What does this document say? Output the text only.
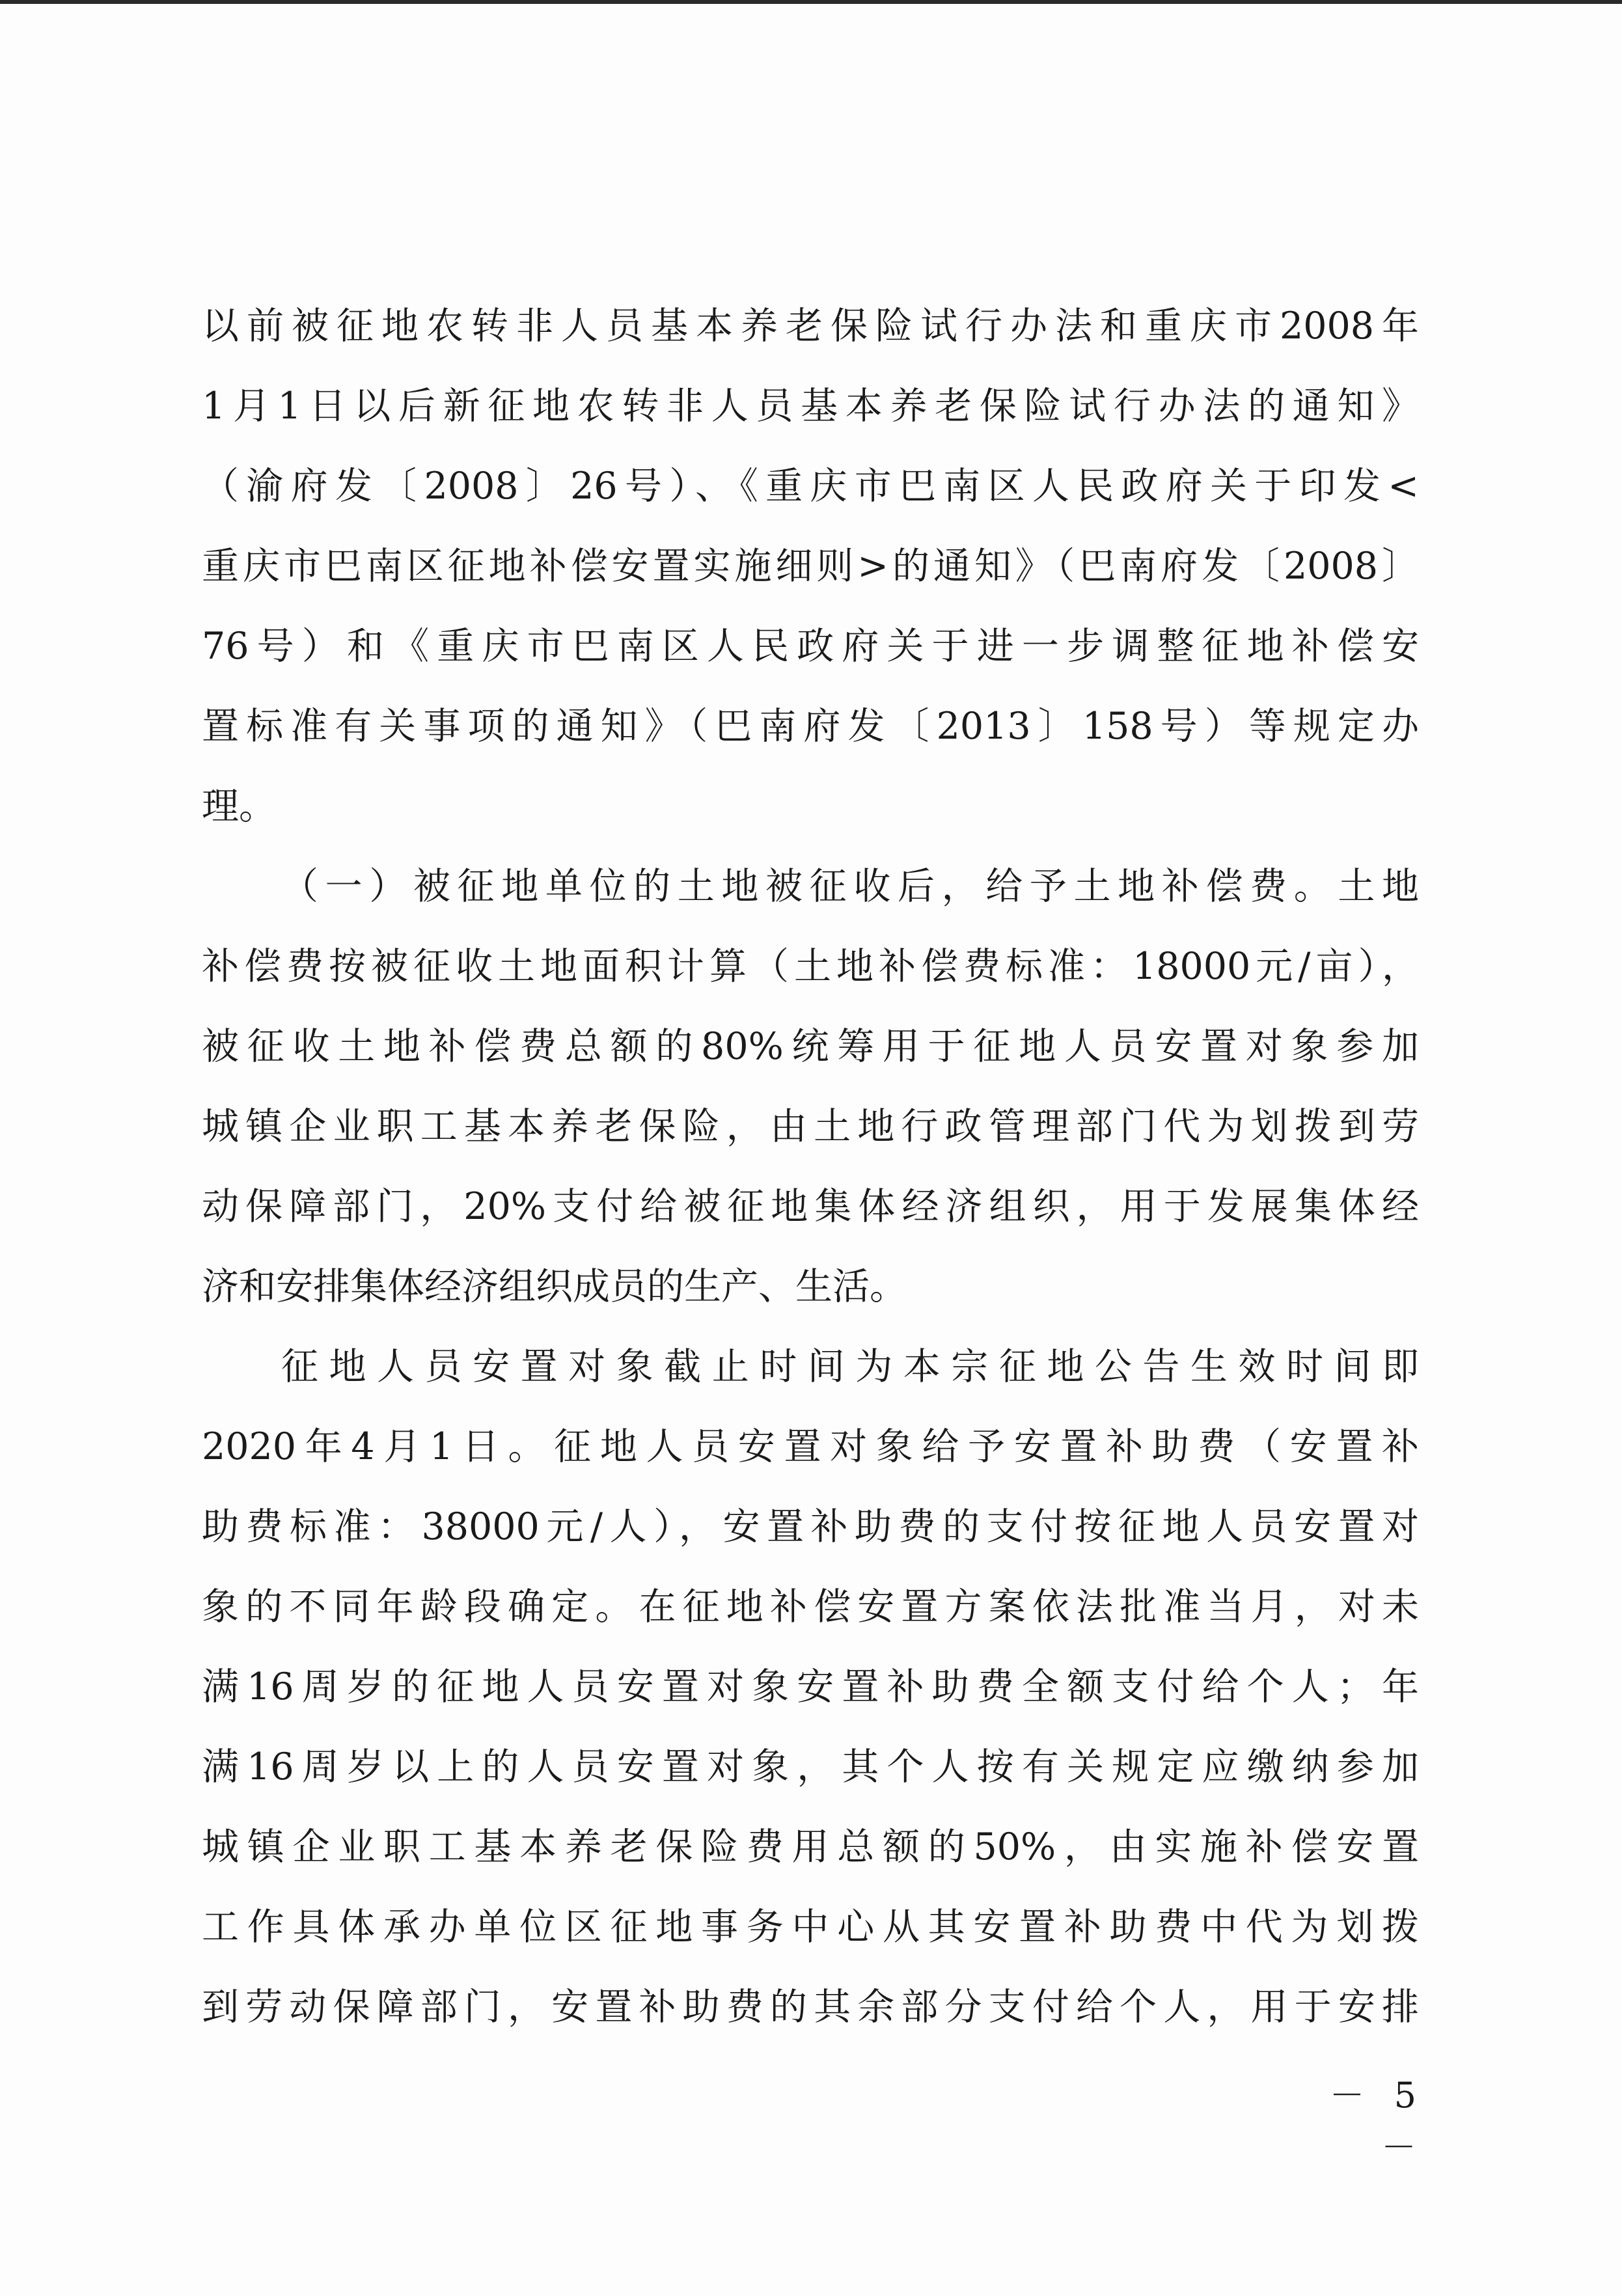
以前被征地农转非人员基本养老保险试行办法和重庆市2008年
1月1日以后新征地农转非人员基本养老保险试行办法的通知》
（渝府发〔2008〕26号）、《重庆市巴南区人民政府关于印发<
重庆市巴南区征地补偿安置实施细则>的通知》（巴南府发〔2008〕
76号）和《重庆市巴南区人民政府关于进一步调整征地补偿安
置标准有关事项的通知》（巴南府发〔2013〕158号）等规定办
理。
（一）被征地单位的土地被征收后，给予土地补偿费。土地
补偿费按被征收土地面积计算（土地补偿费标准：18000元/亩），
被征收土地补偿费总额的80%统筹用于征地人员安置对象参加
城镇企业职工基本养老保险，由土地行政管理部门代为划拨到劳
动保障部门，20%支付给被征地集体经济组织，用于发展集体经
济和安排集体经济组织成员的生产、生活。
征地人员安置对象截止时间为本宗征地公告生效时间即
2020年4月1日。征地人员安置对象给予安置补助费（安置补
助费标准：38000元/人），安置补助费的支付按征地人员安置对
象的不同年龄段确定。在征地补偿安置方案依法批准当月，对未
满16周岁的征地人员安置对象安置补助费全额支付给个人；年
满16周岁以上的人员安置对象，其个人按有关规定应缴纳参加
城镇企业职工基本养老保险费用总额的50%，由实施补偿安置
工作具体承办单位区征地事务中心从其安置补助费中代为划拨
到劳动保障部门，安置补助费的其余部分支付给个人，用于安排
－ 5 －
